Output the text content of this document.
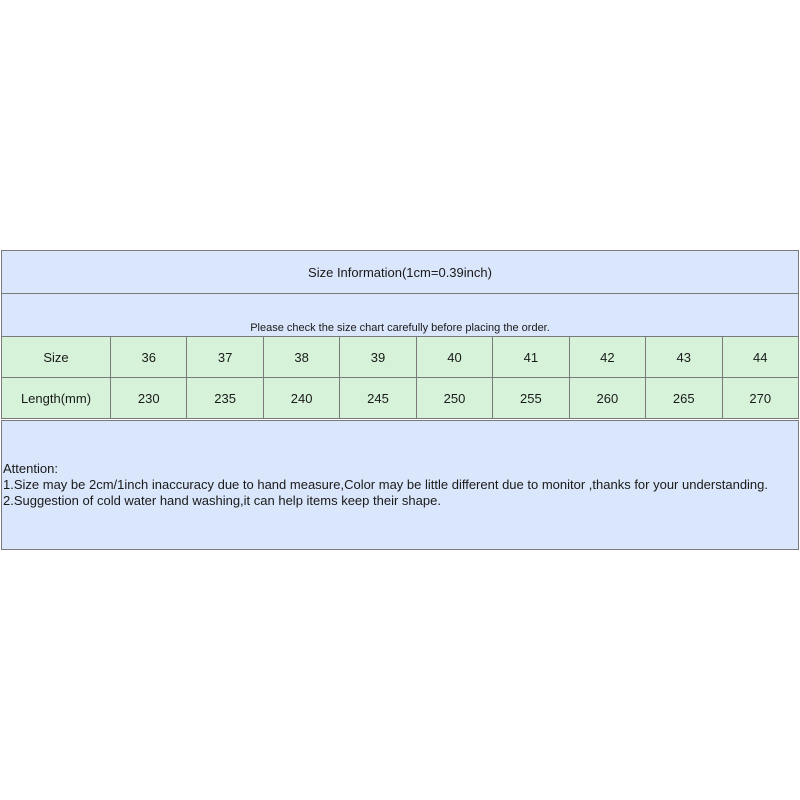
Size Information(1cm=0.39inch)
Please check the size chart carefully before placing the order.
Size	36	37	38	39	40	41	42	43	44
Length(mm)	230	235	240	245	250	255	260	265	270
Attention:
1.Size may be 2cm/1inch inaccuracy due to hand measure,Color may be little different due to monitor ,thanks for your understanding.
2.Suggestion of cold water hand washing,it can help items keep their shape.
